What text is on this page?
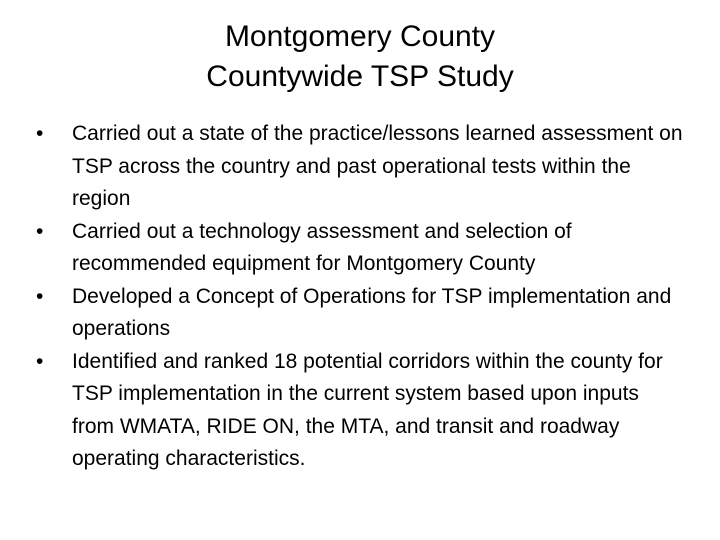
Montgomery County
Countywide TSP Study
•	Carried out a state of the practice/lessons learned assessment on TSP across the country and past operational tests within the region
•	Carried out a technology assessment and selection of recommended equipment for Montgomery County
•	Developed a Concept of Operations for TSP implementation and operations
•	Identified and ranked 18 potential corridors within the county for TSP implementation in the current system based upon inputs from WMATA, RIDE ON, the MTA, and transit and roadway operating characteristics.
